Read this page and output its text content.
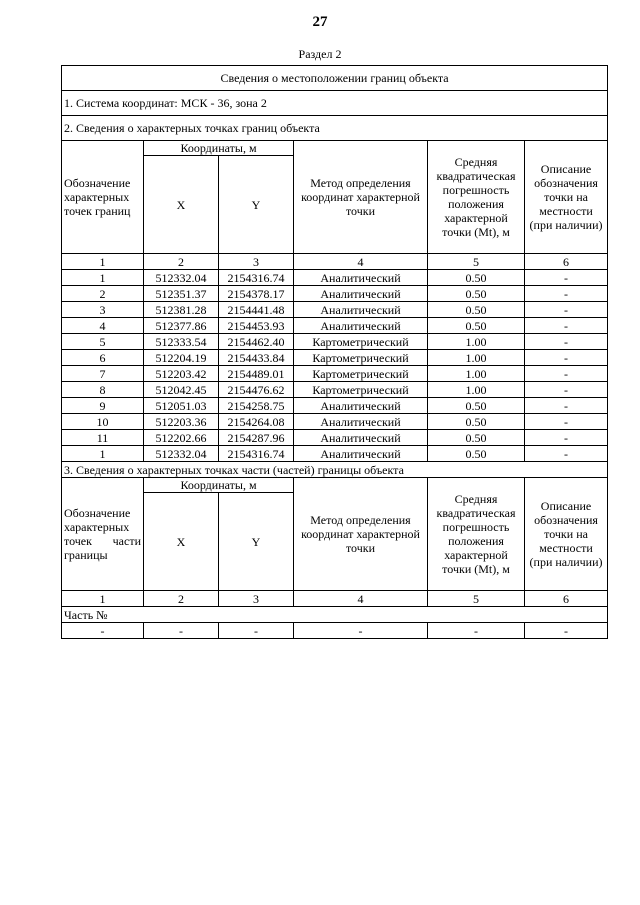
27
Раздел 2
Сведения о местоположении границ объекта					
1. Система координат: МСК - 36, зона 2					
2. Сведения о характерных точках границ объекта					
Обозначение характерных точек границ	Координаты, м		Метод определения координат характерной точки	Средняя квадратическая погрешность положения характерной точки (Mt), м	Описание обозначения точки на местности (при наличии)
	X	Y			
1	2	3	4	5	6
1	512332.04	2154316.74	Аналитический	0.50	-
2	512351.37	2154378.17	Аналитический	0.50	-
3	512381.28	2154441.48	Аналитический	0.50	-
4	512377.86	2154453.93	Аналитический	0.50	-
5	512333.54	2154462.40	Картометрический	1.00	-
6	512204.19	2154433.84	Картометрический	1.00	-
7	512203.42	2154489.01	Картометрический	1.00	-
8	512042.45	2154476.62	Картометрический	1.00	-
9	512051.03	2154258.75	Аналитический	0.50	-
10	512203.36	2154264.08	Аналитический	0.50	-
11	512202.66	2154287.96	Аналитический	0.50	-
1	512332.04	2154316.74	Аналитический	0.50	-
3. Сведения о характерных точках части (частей) границы объекта					
Обозначение характерных точек части границы	Координаты, м		Метод определения координат характерной точки	Средняя квадратическая погрешность положения характерной точки (Mt), м	Описание обозначения точки на местности (при наличии)
	X	Y			
1	2	3	4	5	6
Часть №					
-	-	-	-	-	-
